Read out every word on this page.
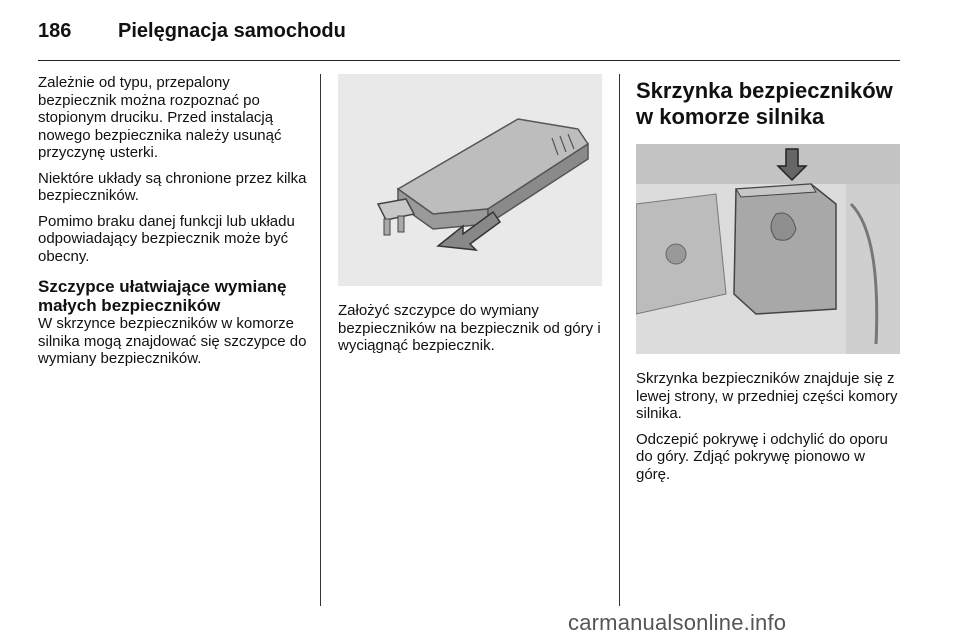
186 Pielęgnacja samochodu

Zależnie od typu, przepalony bezpiecznik można rozpoznać po stopionym druciku. Przed instalacją nowego bezpiecznika należy usunąć przyczynę usterki.

Niektóre układy są chronione przez kilka bezpieczników.

Pomimo braku danej funkcji lub układu odpowiadający bezpiecznik może być obecny.

Szczypce ułatwiające wymianę małych bezpieczników

W skrzynce bezpieczników w komorze silnika mogą znajdować się szczypce do wymiany bezpieczników.

Założyć szczypce do wymiany bezpieczników na bezpiecznik od góry i wyciągnąć bezpiecznik.

Skrzynka bezpieczników w komorze silnika

Skrzynka bezpieczników znajduje się z lewej strony, w przedniej części komory silnika.

Odczepić pokrywę i odchylić do oporu do góry. Zdjąć pokrywę pionowo w górę.

carmanualsonline.info
